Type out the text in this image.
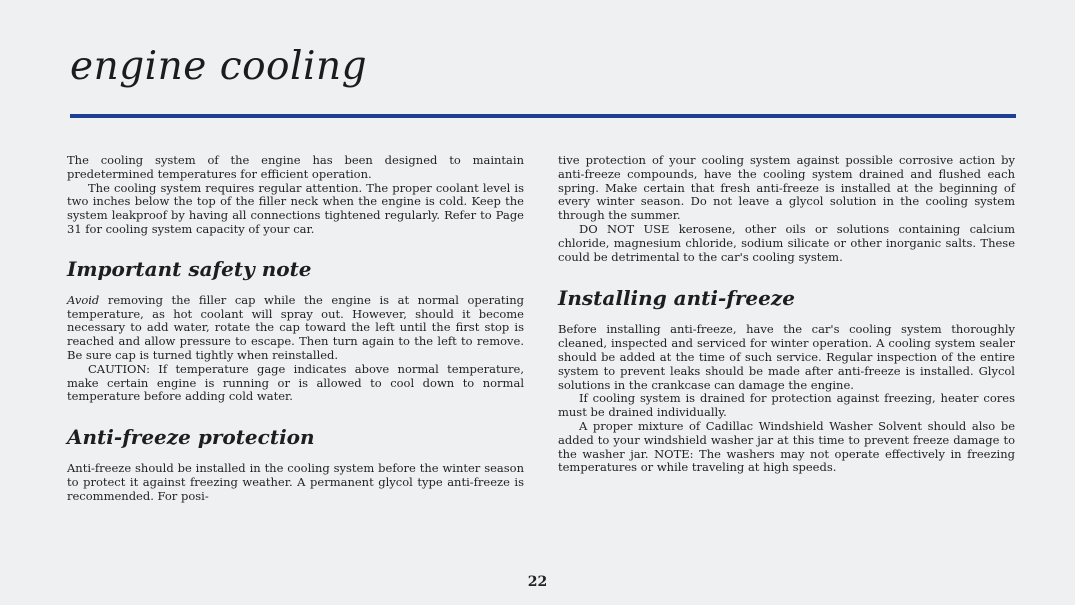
engine cooling

The cooling system of the engine has been designed to maintain predetermined temperatures for efficient operation.

The cooling system requires regular attention. The proper coolant level is two inches below the top of the filler neck when the engine is cold. Keep the system leakproof by having all connections tightened regularly. Refer to Page 31 for cooling system capacity of your car.

Important safety note

Avoid removing the filler cap while the engine is at normal operating temperature, as hot coolant will spray out. However, should it become necessary to add water, rotate the cap toward the left until the first stop is reached and allow pressure to escape. Then turn again to the left to remove. Be sure cap is turned tightly when reinstalled.

CAUTION: If temperature gage indicates above normal temperature, make certain engine is running or is allowed to cool down to normal temperature before adding cold water.

Anti-freeze protection

Anti-freeze should be installed in the cooling system before the winter season to protect it against freezing weather. A permanent glycol type anti-freeze is recommended. For posi-

tive protection of your cooling system against possible corrosive action by anti-freeze compounds, have the cooling system drained and flushed each spring. Make certain that fresh anti-freeze is installed at the beginning of every winter season. Do not leave a glycol solution in the cooling system through the summer.

DO NOT USE kerosene, other oils or solutions containing calcium chloride, magnesium chloride, sodium silicate or other inorganic salts. These could be detrimental to the car's cooling system.

Installing anti-freeze

Before installing anti-freeze, have the car's cooling system thoroughly cleaned, inspected and serviced for winter operation. A cooling system sealer should be added at the time of such service. Regular inspection of the entire system to prevent leaks should be made after anti-freeze is installed. Glycol solutions in the crankcase can damage the engine.

If cooling system is drained for protection against freezing, heater cores must be drained individually.

A proper mixture of Cadillac Windshield Washer Solvent should also be added to your windshield washer jar at this time to prevent freeze damage to the washer jar. NOTE: The washers may not operate effectively in freezing temperatures or while traveling at high speeds.

22
